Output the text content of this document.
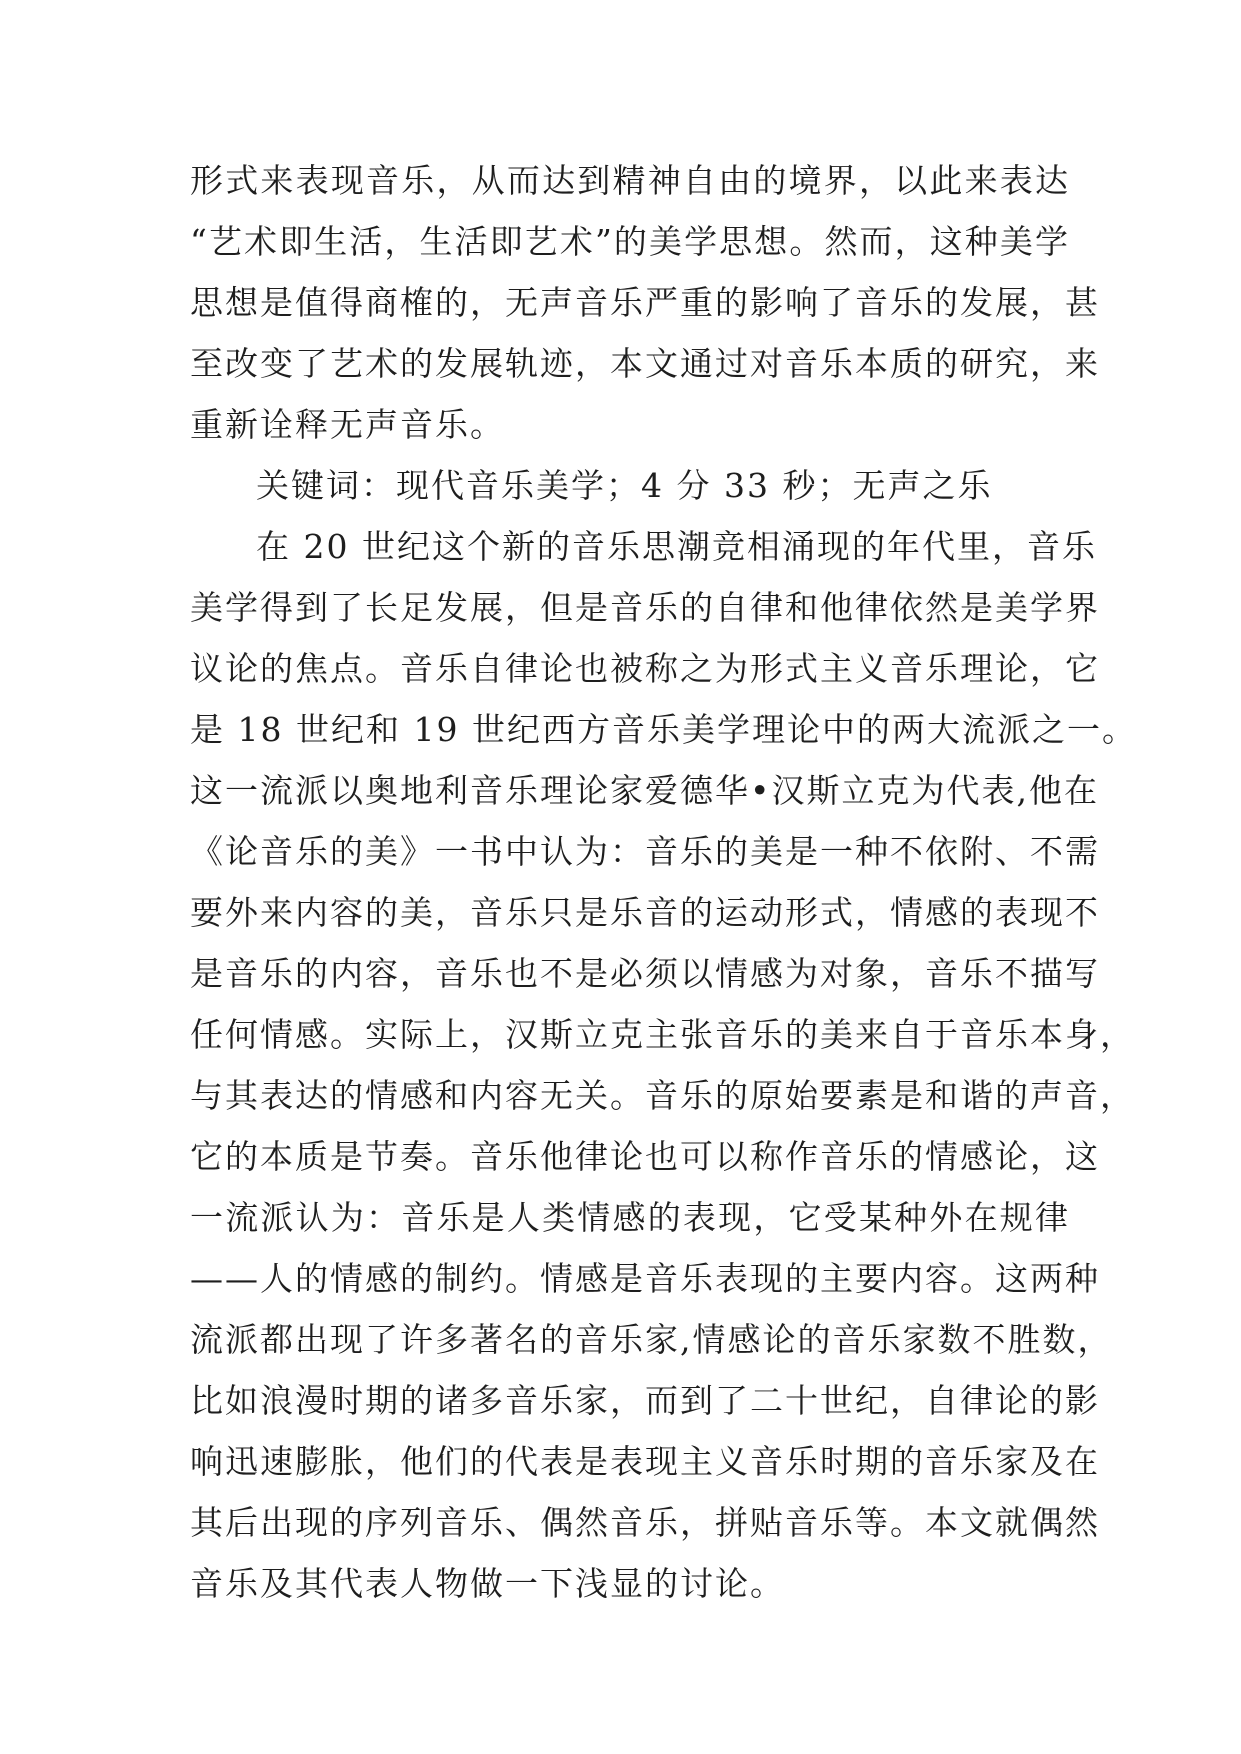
形式来表现音乐，从而达到精神自由的境界，以此来表达
“艺术即生活，生活即艺术”的美学思想。然而，这种美学
思想是值得商榷的，无声音乐严重的影响了音乐的发展，甚
至改变了艺术的发展轨迹，本文通过对音乐本质的研究，来
重新诠释无声音乐。
关键词：现代音乐美学；4 分 33 秒；无声之乐
在 20 世纪这个新的音乐思潮竞相涌现的年代里，音乐
美学得到了长足发展，但是音乐的自律和他律依然是美学界
议论的焦点。音乐自律论也被称之为形式主义音乐理论，它
是 18 世纪和 19 世纪西方音乐美学理论中的两大流派之一。
这一流派以奥地利音乐理论家爱德华•汉斯立克为代表,他在
《论音乐的美》一书中认为：音乐的美是一种不依附、不需
要外来内容的美，音乐只是乐音的运动形式，情感的表现不
是音乐的内容，音乐也不是必须以情感为对象，音乐不描写
任何情感。实际上，汉斯立克主张音乐的美来自于音乐本身，
与其表达的情感和内容无关。音乐的原始要素是和谐的声音，
它的本质是节奏。音乐他律论也可以称作音乐的情感论，这
一流派认为：音乐是人类情感的表现，它受某种外在规律
——人的情感的制约。情感是音乐表现的主要内容。这两种
流派都出现了许多著名的音乐家,情感论的音乐家数不胜数，
比如浪漫时期的诸多音乐家，而到了二十世纪，自律论的影
响迅速膨胀，他们的代表是表现主义音乐时期的音乐家及在
其后出现的序列音乐、偶然音乐，拼贴音乐等。本文就偶然
音乐及其代表人物做一下浅显的讨论。
